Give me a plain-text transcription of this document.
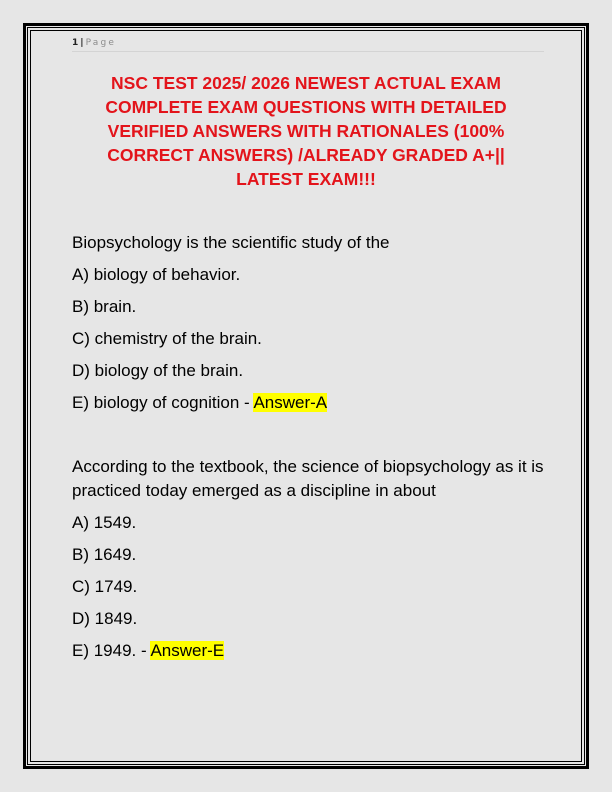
1 | Page
NSC TEST 2025/ 2026 NEWEST ACTUAL EXAM COMPLETE EXAM QUESTIONS WITH DETAILED VERIFIED ANSWERS WITH RATIONALES (100% CORRECT ANSWERS) /ALREADY GRADED A+|| LATEST EXAM!!!

Biopsychology is the scientific study of the

A) biology of behavior.

B) brain.

C) chemistry of the brain.

D) biology of the brain.

E) biology of cognition - Answer-A

According to the textbook, the science of biopsychology as it is practiced today emerged as a discipline in about

A) 1549.

B) 1649.

C) 1749.

D) 1849.

E) 1949. - Answer-E
